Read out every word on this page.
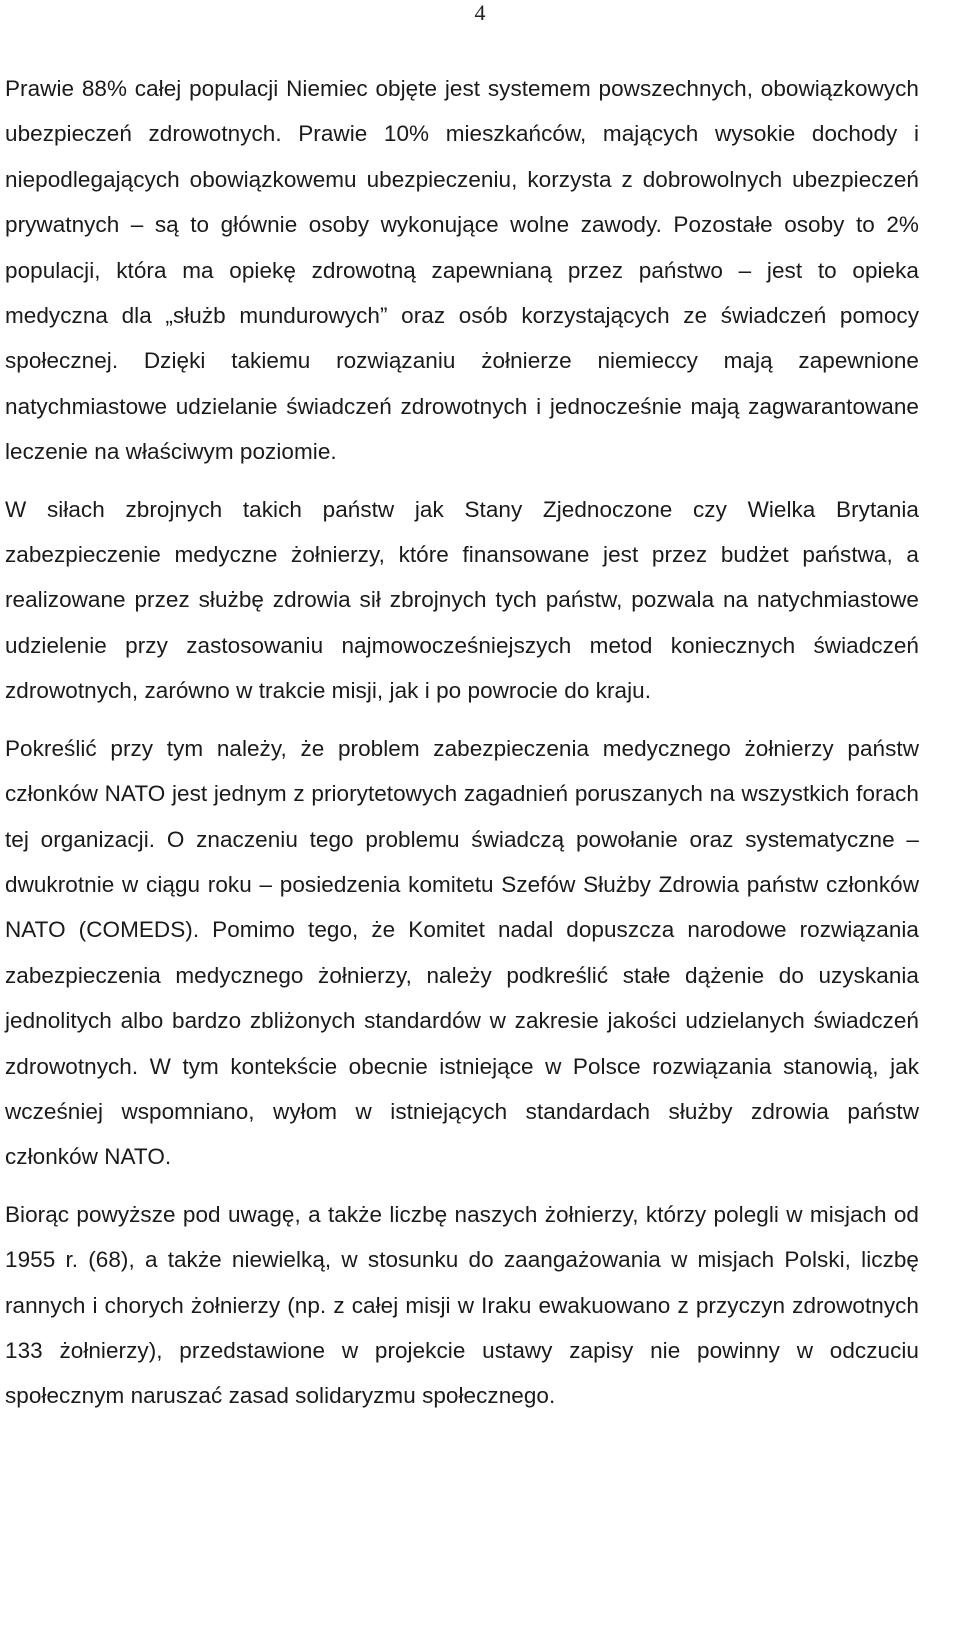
4

Prawie 88% całej populacji Niemiec objęte jest systemem powszechnych, obowiązkowych ubezpieczeń zdrowotnych. Prawie 10% mieszkańców, mających wysokie dochody i niepodlegających obowiązkowemu ubezpieczeniu, korzysta z dobrowolnych ubezpieczeń prywatnych – są to głównie osoby wykonujące wolne zawody. Pozostałe osoby to 2% populacji, która ma opiekę zdrowotną zapewnianą przez państwo – jest to opieka medyczna dla „służb mundurowych” oraz osób korzystających ze świadczeń pomocy społecznej. Dzięki takiemu rozwiązaniu żołnierze niemieccy mają zapewnione natychmiastowe udzielanie świadczeń zdrowotnych i jednocześnie mają zagwarantowane leczenie na właściwym poziomie.

W siłach zbrojnych takich państw jak Stany Zjednoczone czy Wielka Brytania zabezpieczenie medyczne żołnierzy, które finansowane jest przez budżet państwa, a realizowane przez służbę zdrowia sił zbrojnych tych państw, pozwala na natychmiastowe udzielenie przy zastosowaniu najmowocześniejszych metod koniecznych świadczeń zdrowotnych, zarówno w trakcie misji, jak i po powrocie do kraju.

Pokreślić przy tym należy, że problem zabezpieczenia medycznego żołnierzy państw członków NATO jest jednym z priorytetowych zagadnień poruszanych na wszystkich forach tej organizacji. O znaczeniu tego problemu świadczą powołanie oraz systematyczne – dwukrotnie w ciągu roku – posiedzenia komitetu Szefów Służby Zdrowia państw członków NATO (COMEDS). Pomimo tego, że Komitet nadal dopuszcza narodowe rozwiązania zabezpieczenia medycznego żołnierzy, należy podkreślić stałe dążenie do uzyskania jednolitych albo bardzo zbliżonych standardów w zakresie jakości udzielanych świadczeń zdrowotnych. W tym kontekście obecnie istniejące w Polsce rozwiązania stanowią, jak wcześniej wspomniano, wyłom w istniejących standardach służby zdrowia państw członków NATO.

Biorąc powyższe pod uwagę, a także liczbę naszych żołnierzy, którzy polegli w misjach od 1955 r. (68), a także niewielką, w stosunku do zaangażowania w misjach Polski, liczbę rannych i chorych żołnierzy (np. z całej misji w Iraku ewakuowano z przyczyn zdrowotnych 133 żołnierzy), przedstawione w projekcie ustawy zapisy nie powinny w odczuciu społecznym naruszać zasad solidaryzmu społecznego.
